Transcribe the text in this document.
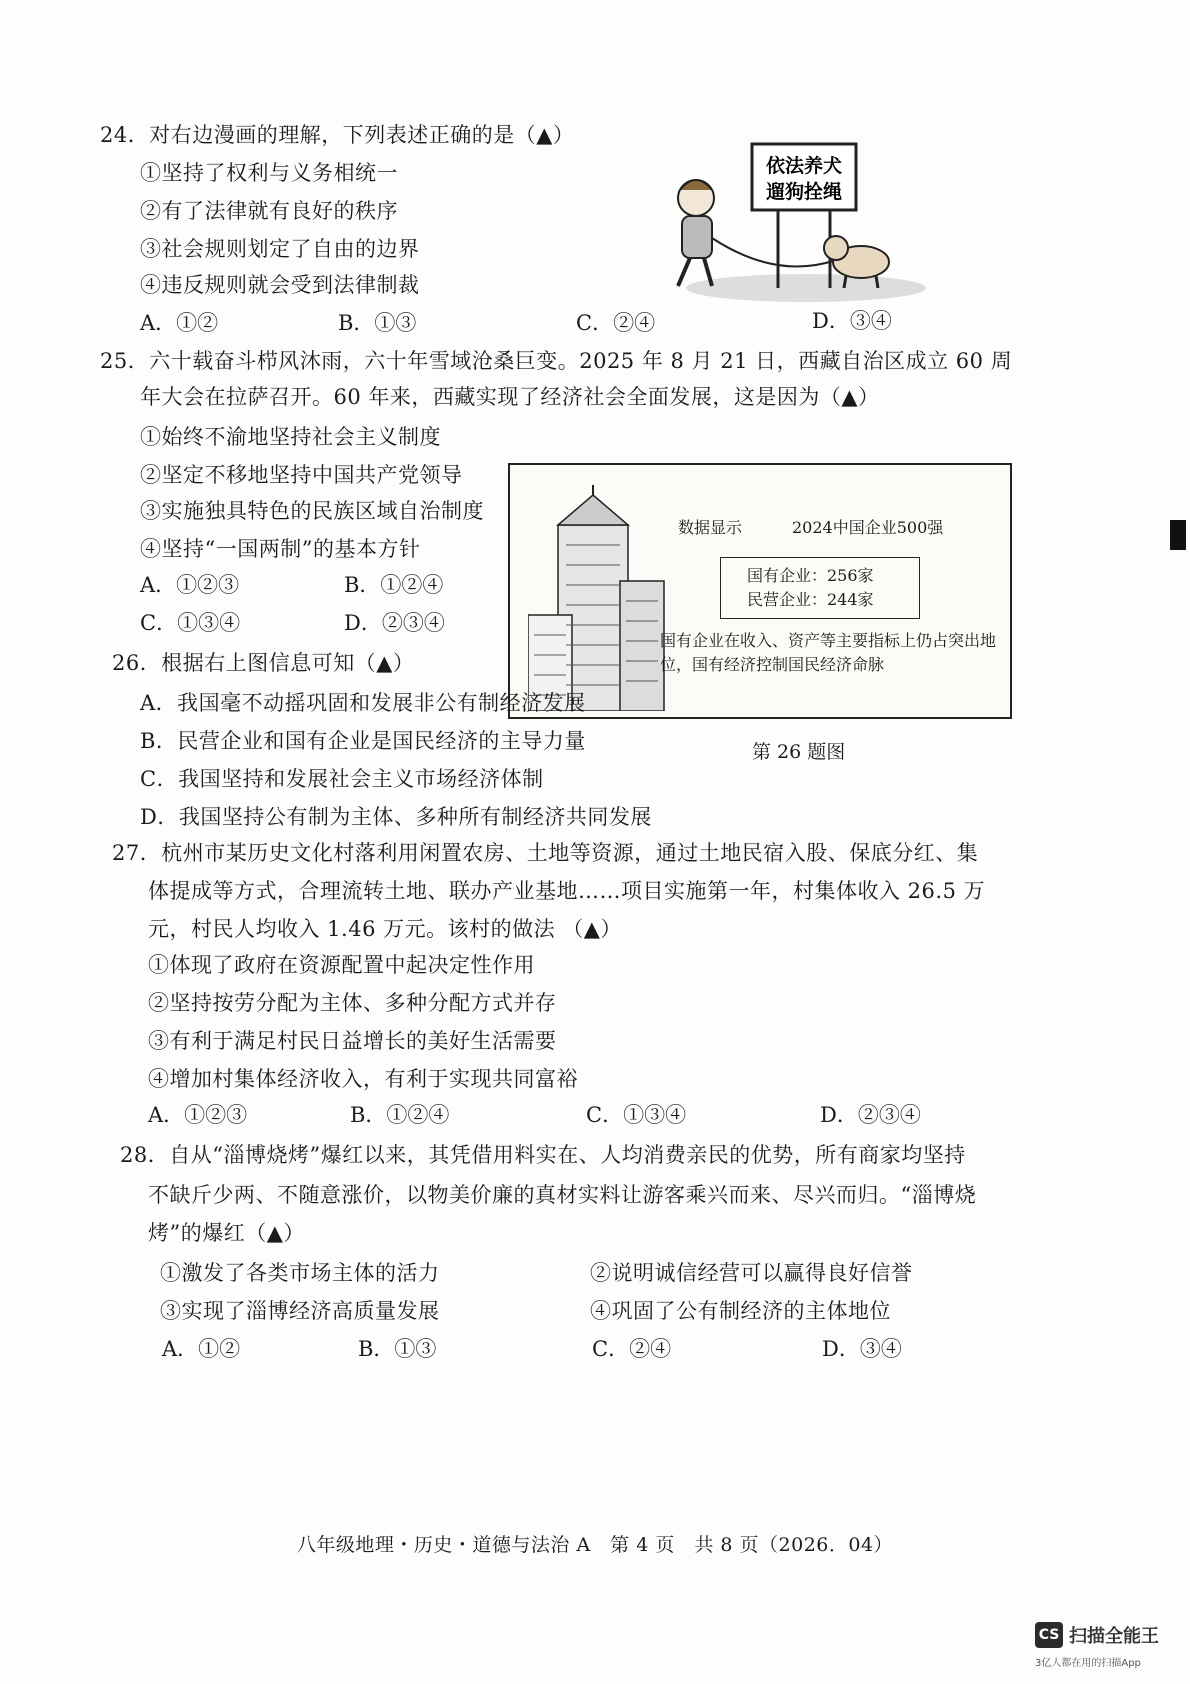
24．对右边漫画的理解，下列表述正确的是（▲）
①坚持了权利与义务相统一
②有了法律就有良好的秩序
③社会规则划定了自由的边界
④违反规则就会受到法律制裁
A．①②	B．①③	C．②④	D．③④
依法养犬
遛狗拴绳
25．六十载奋斗栉风沐雨，六十年雪域沧桑巨变。2025 年 8 月 21 日，西藏自治区成立 60 周
年大会在拉萨召开。60 年来，西藏实现了经济社会全面发展，这是因为（▲）
①始终不渝地坚持社会主义制度
②坚定不移地坚持中国共产党领导
③实施独具特色的民族区域自治制度
④坚持“一国两制”的基本方针
A．①②③	B．①②④
C．①③④	D．②③④
数据显示	2024中国企业500强
国有企业：256家
民营企业：244家
国有企业在收入、资产等主要指标上仍占突出地位，国有经济控制国民经济命脉
第 26 题图
26．根据右上图信息可知（▲）
A．我国毫不动摇巩固和发展非公有制经济发展
B．民营企业和国有企业是国民经济的主导力量
C．我国坚持和发展社会主义市场经济体制
D．我国坚持公有制为主体、多种所有制经济共同发展
27．杭州市某历史文化村落利用闲置农房、土地等资源，通过土地民宿入股、保底分红、集
体提成等方式，合理流转土地、联办产业基地……项目实施第一年，村集体收入 26.5 万
元，村民人均收入 1.46 万元。该村的做法 （▲）
①体现了政府在资源配置中起决定性作用
②坚持按劳分配为主体、多种分配方式并存
③有利于满足村民日益增长的美好生活需要
④增加村集体经济收入，有利于实现共同富裕
A．①②③	B．①②④	C．①③④	D．②③④
28．自从“淄博烧烤”爆红以来，其凭借用料实在、人均消费亲民的优势，所有商家均坚持
不缺斤少两、不随意涨价，以物美价廉的真材实料让游客乘兴而来、尽兴而归。“淄博烧
烤”的爆红（▲）
①激发了各类市场主体的活力	②说明诚信经营可以赢得良好信誉
③实现了淄博经济高质量发展	④巩固了公有制经济的主体地位
A．①②	B．①③	C．②④	D．③④
八年级地理・历史・道德与法治 A　第 4 页　共 8 页（2026．04）
CS 扫描全能王
3亿人都在用的扫描App
